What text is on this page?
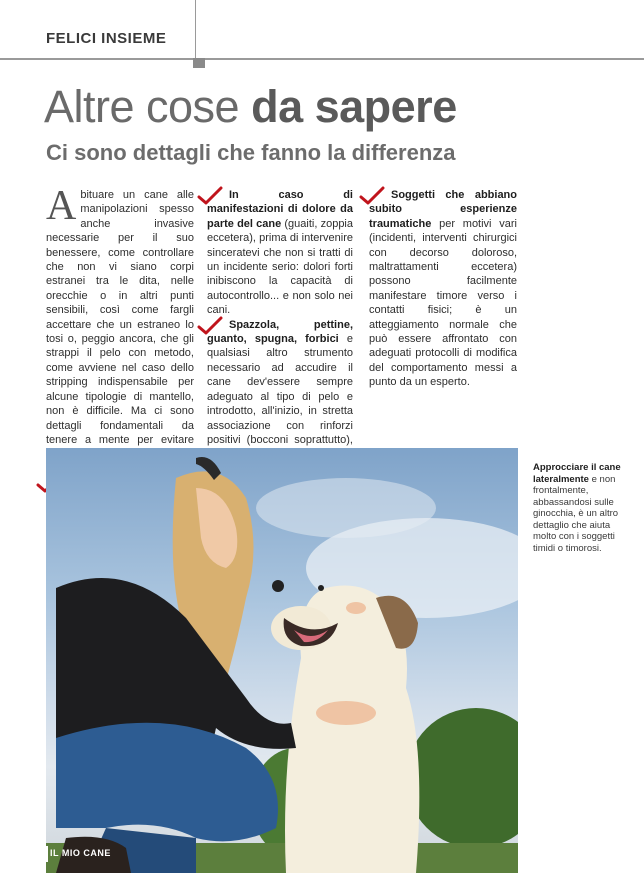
FELICI INSIEME
Altre cose da sapere
Ci sono dettagli che fanno la differenza

Abituare un cane alle manipolazioni spesso anche invasive necessarie per il suo benessere, come controllare che non vi siano corpi estranei tra le dita, nelle orecchie o in altri punti sensibili, così come fargli accettare che un estraneo lo tosi o, peggio ancora, che gli strappi il pelo con metodo, come avviene nel caso dello stripping indispensabile per alcune tipologie di mantello, non è difficile. Ma ci sono dettagli fondamentali da tenere a mente per evitare

In caso di manifestazioni di dolore da parte del cane (guaiti, zoppia eccetera), prima di intervenire sinceratevi che non si tratti di un incidente serio: dolori forti inibiscono la capacità di autocontrollo... e non solo nei cani.

Spazzola, pettine, guanto, spugna, forbici e qualsiasi altro strumento necessario ad accudire il cane dev'essere sempre adeguato al tipo di pelo e introdotto, all'inizio, in stretta associazione con rinforzi positivi (bocconi soprattutto),

Soggetti che abbiano subito esperienze traumatiche per motivi vari (incidenti, interventi chirurgici con decorso doloroso, maltrattamenti eccetera) possono facilmente manifestare timore verso i contatti fisici; è un atteggiamento normale che può essere affrontato con adeguati protocolli di modifica del comportamento messi a punto da un esperto.

IL MIO CANE
Approcciare il cane lateralmente e non frontalmente, abbassandosi sulle ginocchia, è un altro dettaglio che aiuta molto con i soggetti timidi o timorosi.
